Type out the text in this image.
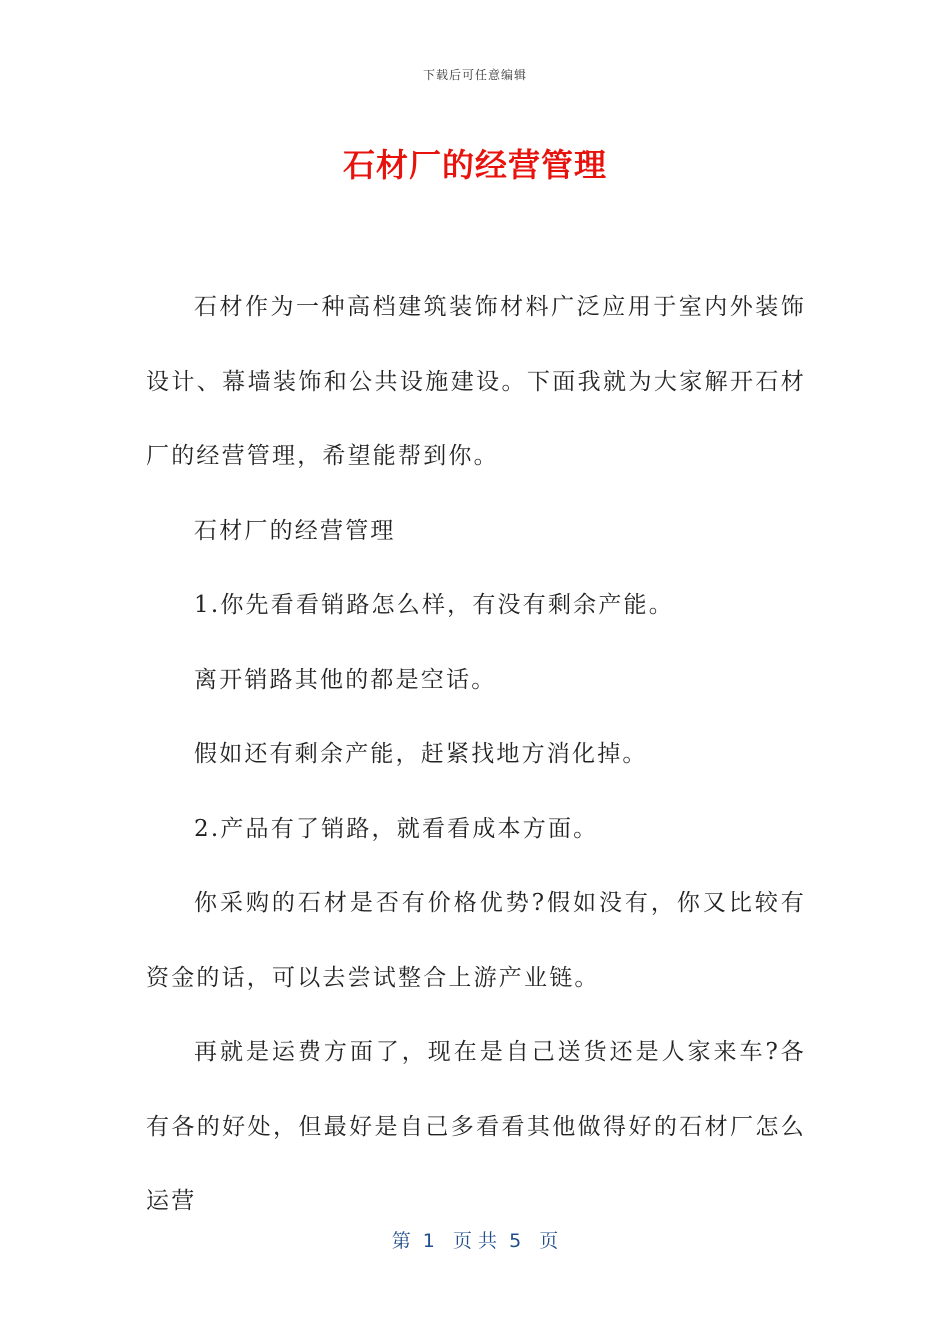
下载后可任意编辑
石材厂的经营管理

石材作为一种高档建筑装饰材料广泛应用于室内外装饰设计、幕墙装饰和公共设施建设。下面我就为大家解开石材厂的经营管理，希望能帮到你。

石材厂的经营管理

1.你先看看销路怎么样，有没有剩余产能。

离开销路其他的都是空话。

假如还有剩余产能，赶紧找地方消化掉。

2.产品有了销路，就看看成本方面。

你采购的石材是否有价格优势?假如没有，你又比较有资金的话，可以去尝试整合上游产业链。

再就是运费方面了，现在是自己送货还是人家来车?各有各的好处，但最好是自己多看看其他做得好的石材厂怎么运营

第  1   页 共  5   页
